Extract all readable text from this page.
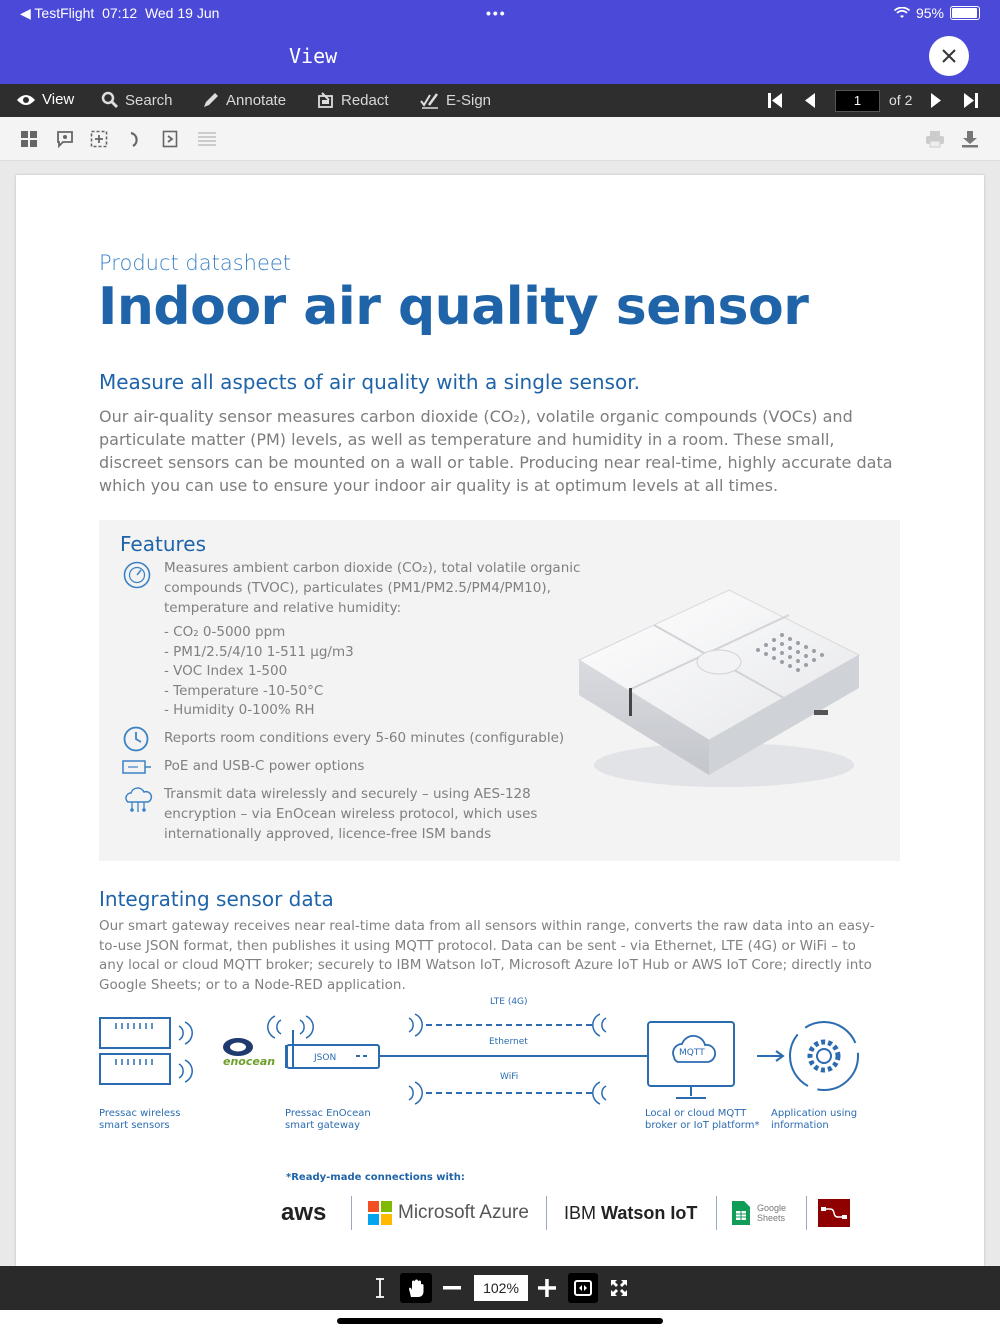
◀ TestFlight 07:12 Wed 19 Jun	•••	95%
View
View	Search	Annotate	Redact	E-Sign	1	of 2
Product datasheet
Indoor air quality sensor
Measure all aspects of air quality with a single sensor.
Our air-quality sensor measures carbon dioxide (CO₂), volatile organic compounds (VOCs) and particulate matter (PM) levels, as well as temperature and humidity in a room. These small, discreet sensors can be mounted on a wall or table. Producing near real-time, highly accurate data which you can use to ensure your indoor air quality is at optimum levels at all times.
Features
Measures ambient carbon dioxide (CO₂), total volatile organic compounds (TVOC), particulates (PM1/PM2.5/PM4/PM10), temperature and relative humidity:
- CO₂ 0-5000 ppm
- PM1/2.5/4/10 1-511 µg/m3
- VOC Index 1-500
- Temperature -10-50°C
- Humidity 0-100% RH
Reports room conditions every 5-60 minutes (configurable)
PoE and USB-C power options
Transmit data wirelessly and securely – using AES-128 encryption – via EnOcean wireless protocol, which uses internationally approved, licence-free ISM bands
Integrating sensor data
Our smart gateway receives near real-time data from all sensors within range, converts the raw data into an easy-to-use JSON format, then publishes it using MQTT protocol. Data can be sent - via Ethernet, LTE (4G) or WiFi – to any local or cloud MQTT broker; securely to IBM Watson IoT, Microsoft Azure IoT Hub or AWS IoT Core; directly into Google Sheets; or to a Node-RED application.
enocean	JSON
LTE (4G)
Ethernet
WiFi
MQTT
Pressac wireless smart sensors
Pressac EnOcean smart gateway
Local or cloud MQTT broker or IoT platform*
Application using information
*Ready-made connections with:
aws	Microsoft Azure IBM Watson IoT	Google
Sheets
102%
